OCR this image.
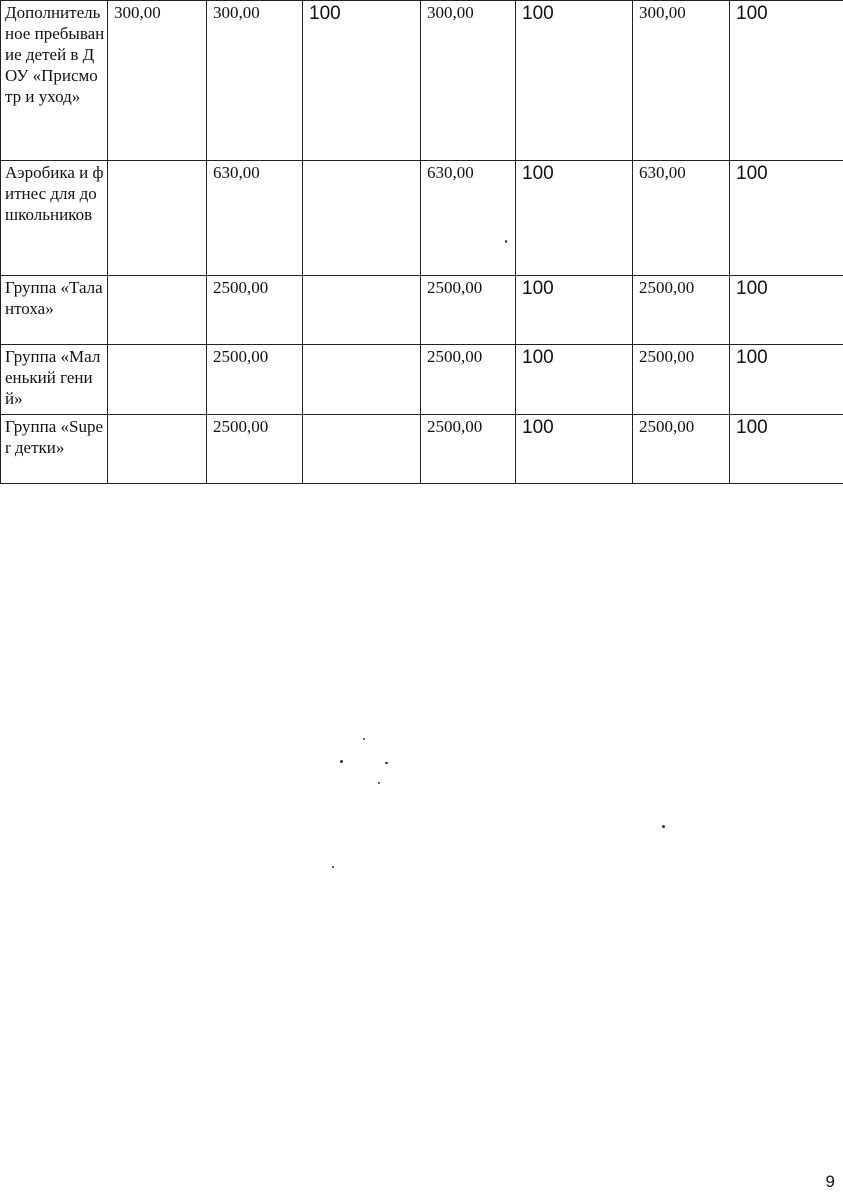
Дополнительное пребывание детей в ДОУ «Присмотр и уход»	300,00	300,00	100	300,00	100	300,00	100
Аэробика и фитнес для дошкольников		630,00		630,00	100	630,00	100
Группа «Талантоха»		2500,00		2500,00	100	2500,00	100
Группа «Маленький гений»		2500,00		2500,00	100	2500,00	100
Группа «Super детки»		2500,00		2500,00	100	2500,00	100
9
